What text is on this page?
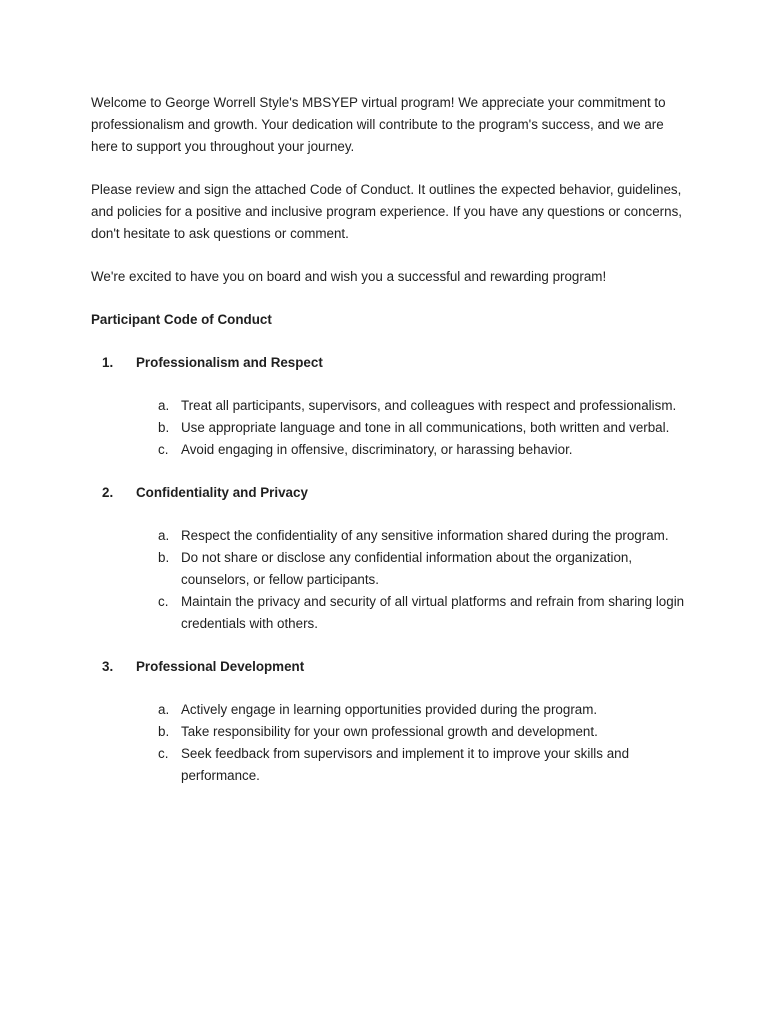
Welcome to George Worrell Style's MBSYEP virtual program! We appreciate your commitment to professionalism and growth. Your dedication will contribute to the program's success, and we are here to support you throughout your journey.

Please review and sign the attached Code of Conduct. It outlines the expected behavior, guidelines, and policies for a positive and inclusive program experience. If you have any questions or concerns, don't hesitate to ask questions or comment.

We're excited to have you on board and wish you a successful and rewarding program!

Participant Code of Conduct

1.	Professionalism and Respect
a. Treat all participants, supervisors, and colleagues with respect and professionalism.
b. Use appropriate language and tone in all communications, both written and verbal.
c. Avoid engaging in offensive, discriminatory, or harassing behavior.
2.	Confidentiality and Privacy
a. Respect the confidentiality of any sensitive information shared during the program.
b. Do not share or disclose any confidential information about the organization, counselors, or fellow participants.
c. Maintain the privacy and security of all virtual platforms and refrain from sharing login credentials with others.
3.	Professional Development
a. Actively engage in learning opportunities provided during the program.
b. Take responsibility for your own professional growth and development.
c. Seek feedback from supervisors and implement it to improve your skills and performance.
